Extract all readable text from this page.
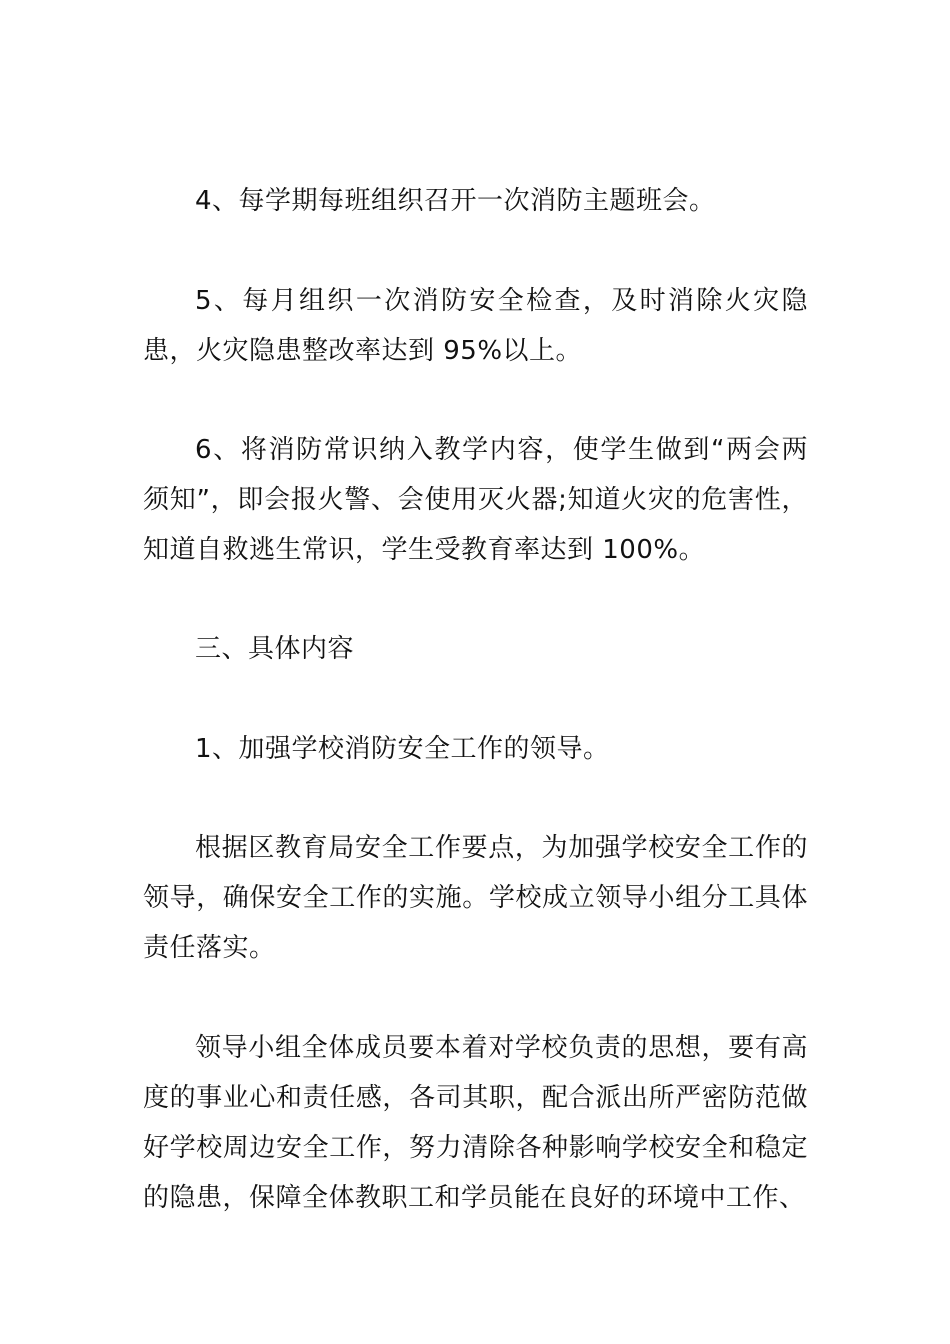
4、每学期每班组织召开一次消防主题班会。

5、每月组织一次消防安全检查，及时消除火灾隐患，火灾隐患整改率达到 95%以上。

6、将消防常识纳入教学内容，使学生做到“两会两须知”，即会报火警、会使用灭火器;知道火灾的危害性，知道自救逃生常识，学生受教育率达到 100%。

三、具体内容

1、加强学校消防安全工作的领导。

根据区教育局安全工作要点，为加强学校安全工作的领导，确保安全工作的实施。学校成立领导小组分工具体责任落实。

领导小组全体成员要本着对学校负责的思想，要有高度的事业心和责任感，各司其职，配合派出所严密防范做好学校周边安全工作，努力清除各种影响学校安全和稳定的隐患，保障全体教职工和学员能在良好的环境中工作、
